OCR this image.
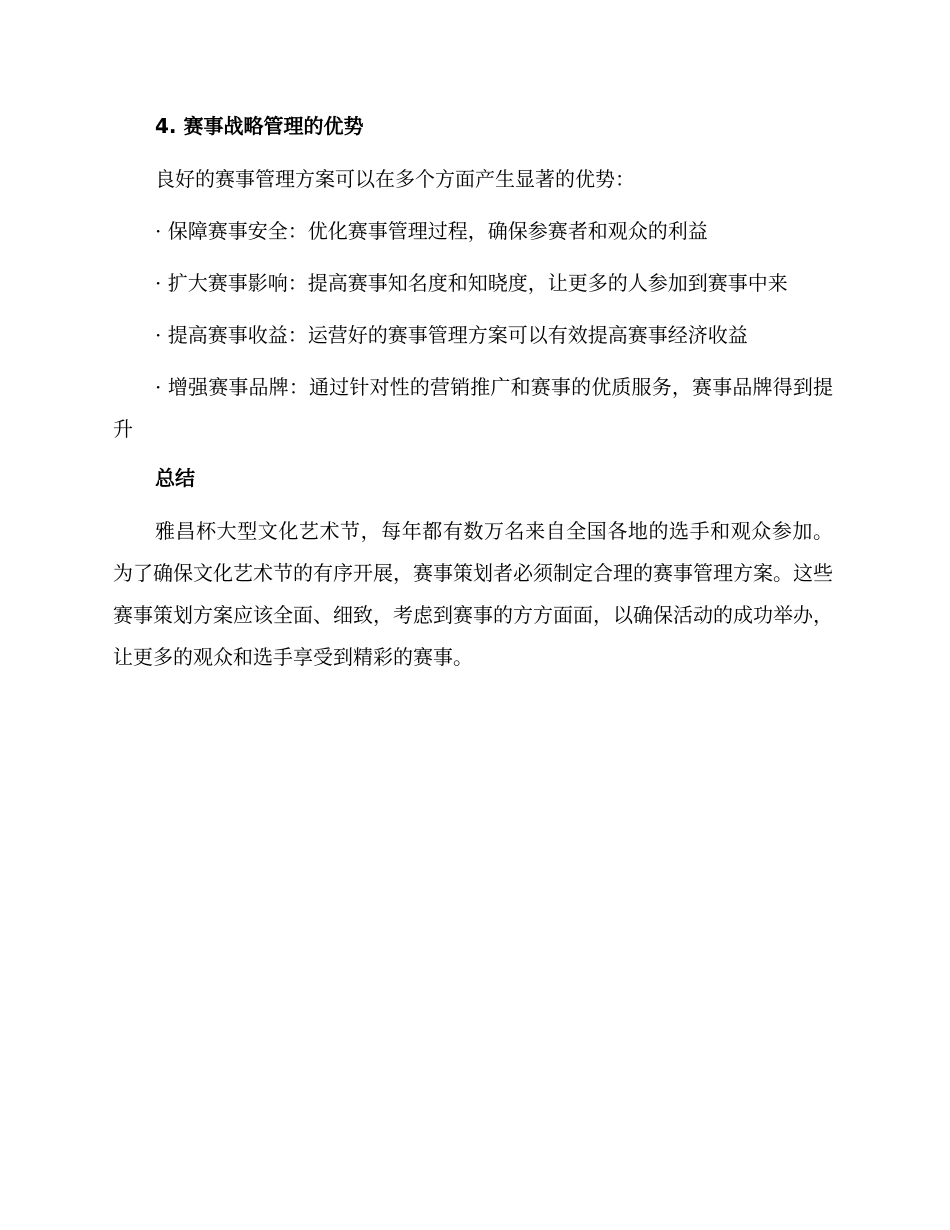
4. 赛事战略管理的优势

良好的赛事管理方案可以在多个方面产生显著的优势：

· 保障赛事安全：优化赛事管理过程，确保参赛者和观众的利益

· 扩大赛事影响：提高赛事知名度和知晓度，让更多的人参加到赛事中来

· 提高赛事收益：运营好的赛事管理方案可以有效提高赛事经济收益

· 增强赛事品牌：通过针对性的营销推广和赛事的优质服务，赛事品牌得到提升

总结

雅昌杯大型文化艺术节，每年都有数万名来自全国各地的选手和观众参加。为了确保文化艺术节的有序开展，赛事策划者必须制定合理的赛事管理方案。这些赛事策划方案应该全面、细致，考虑到赛事的方方面面，以确保活动的成功举办，让更多的观众和选手享受到精彩的赛事。
